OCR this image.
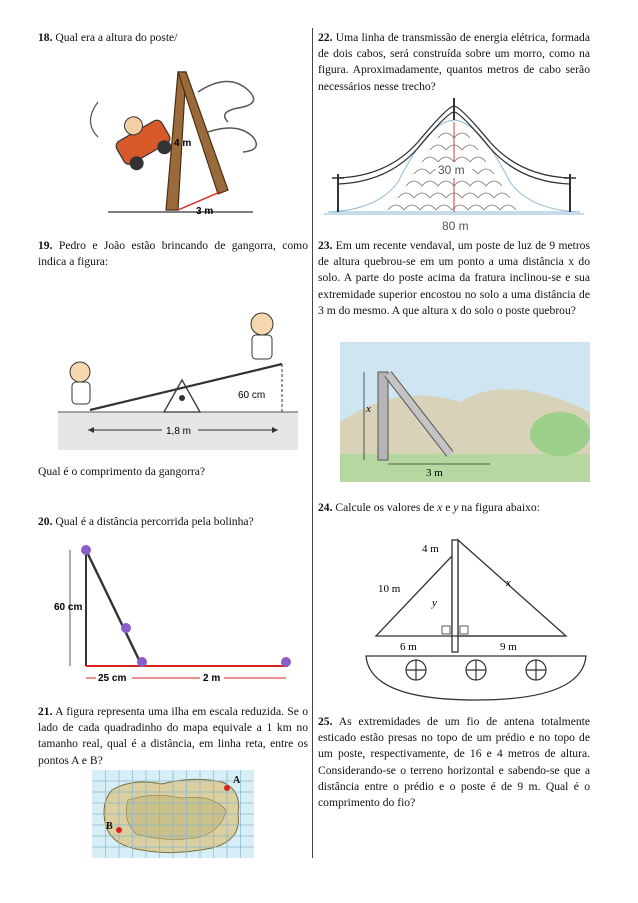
18. Qual era a altura do poste/
4 m
3 m
19. Pedro e João estão brincando de gangorra, como indica a figura:
1,8 m
60 cm
Qual é o comprimento da gangorra?
20. Qual é a distância percorrida pela bolinha?
60 cm
25 cm	2 m
21. A figura representa uma ilha em escala reduzida. Se o lado de cada quadradinho do mapa equivale a 1 km no tamanho real, qual é a distância, em linha reta, entre os pontos A e B?
A
B
22. Uma linha de transmissão de energia elétrica, formada de dois cabos, será construída sobre um morro, como na figura. Aproximadamente, quantos metros de cabo serão necessários nesse trecho?
30 m
80 m
23. Em um recente vendaval, um poste de luz de 9 metros de altura quebrou-se em um ponto a uma distância x do solo. A parte do poste acima da fratura inclinou-se e sua extremidade superior encostou no solo a uma distância de 3 m do mesmo. A que altura x do solo o poste quebrou?
x
3 m
24. Calcule os valores de x e y na figura abaixo:
4 m
10 m
y
x
6 m	9 m
25. As extremidades de um fio de antena totalmente esticado estão presas no topo de um prédio e no topo de um poste, respectivamente, de 16 e 4 metros de altura. Considerando-se o terreno horizontal e sabendo-se que a distância entre o prédio e o poste é de 9 m. Qual é o comprimento do fio?
